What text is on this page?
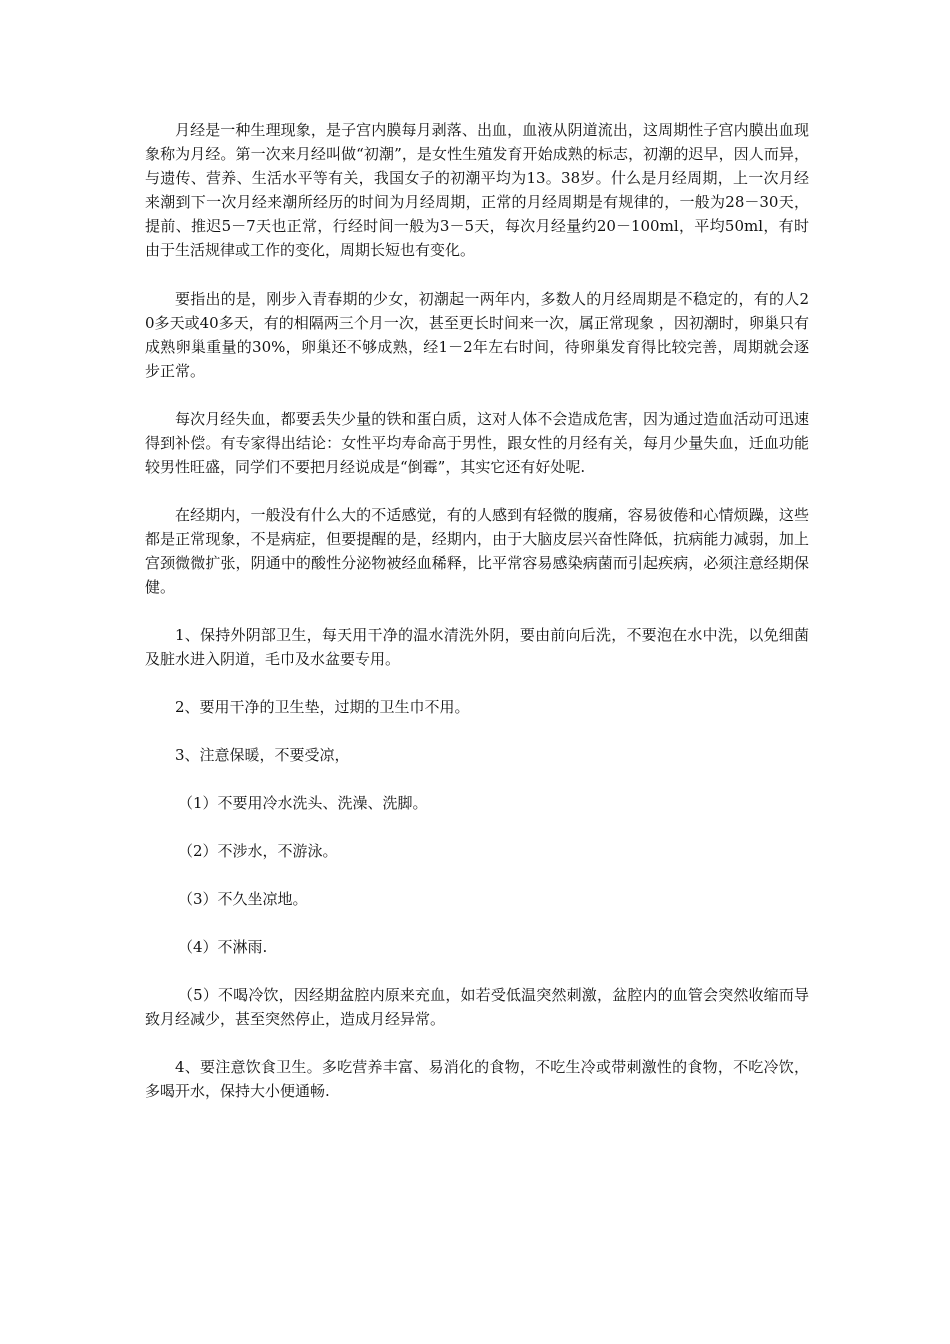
月经是一种生理现象，是子宫内膜每月剥落、出血，血液从阴道流出，这周期性子宫内膜出血现象称为月经。第一次来月经叫做“初潮”，是女性生殖发育开始成熟的标志，初潮的迟早，因人而异，与遗传、营养、生活水平等有关，我国女子的初潮平均为13。38岁。什么是月经周期，上一次月经来潮到下一次月经来潮所经历的时间为月经周期，正常的月经周期是有规律的，一般为28－30天，提前、推迟5－7天也正常，行经时间一般为3－5天，每次月经量约20－100ml，平均50ml，有时由于生活规律或工作的变化，周期长短也有变化。

要指出的是，刚步入青春期的少女，初潮起一两年内，多数人的月经周期是不稳定的，有的人20多天或40多天，有的相隔两三个月一次，甚至更长时间来一次，属正常现象 ，因初潮时，卵巢只有成熟卵巢重量的30%，卵巢还不够成熟，经1－2年左右时间，待卵巢发育得比较完善，周期就会逐步正常。

每次月经失血，都要丢失少量的铁和蛋白质，这对人体不会造成危害，因为通过造血活动可迅速得到补偿。有专家得出结论：女性平均寿命高于男性，跟女性的月经有关，每月少量失血，迁血功能较男性旺盛，同学们不要把月经说成是“倒霉”，其实它还有好处呢.

在经期内，一般没有什么大的不适感觉，有的人感到有轻微的腹痛，容易彼倦和心情烦躁，这些都是正常现象，不是病症，但要提醒的是，经期内，由于大脑皮层兴奋性降低，抗病能力减弱，加上宫颈微微扩张，阴通中的酸性分泌物被经血稀释，比平常容易感染病菌而引起疾病，必须注意经期保健。

1、保持外阴部卫生，每天用干净的温水清洗外阴，要由前向后洗，不要泡在水中洗，以免细菌及脏水进入阴道，毛巾及水盆要专用。

2、要用干净的卫生垫，过期的卫生巾不用。

3、注意保暖，不要受凉，

（1）不要用冷水洗头、洗澡、洗脚。

（2）不涉水，不游泳。

（3）不久坐凉地。

（4）不淋雨.

（5）不喝冷饮，因经期盆腔内原来充血，如若受低温突然刺激，盆腔内的血管会突然收缩而导致月经减少，甚至突然停止，造成月经异常。

4、要注意饮食卫生。多吃营养丰富、易消化的食物，不吃生冷或带刺激性的食物，不吃冷饮，多喝开水，保持大小便通畅.
